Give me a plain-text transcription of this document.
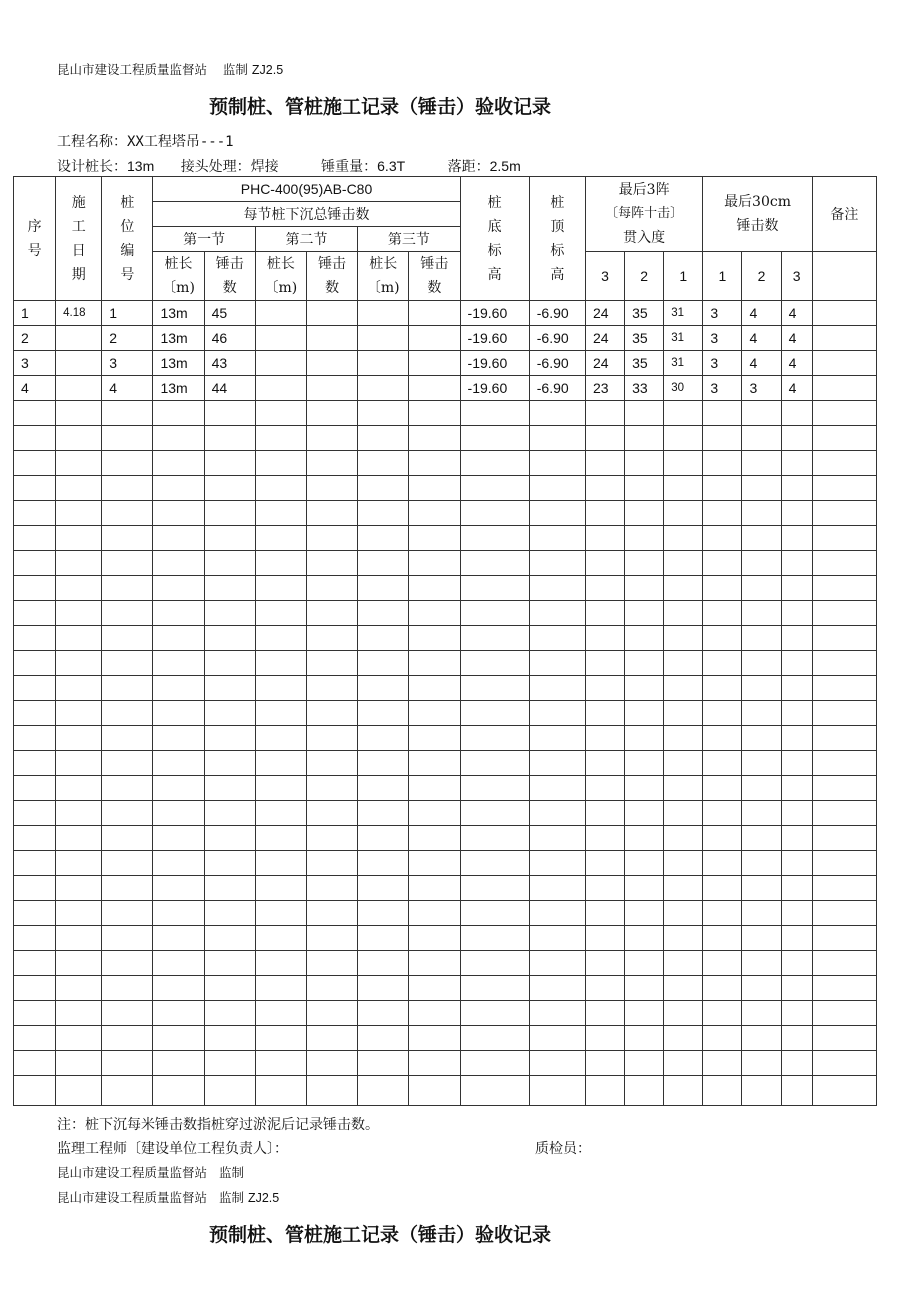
昆山市建设工程质量监督站 监制 ZJ2.5
预制桩、管桩施工记录（锤击）验收记录
工程名称：XX工程塔吊---1
设计桩长：13m 接头处理：焊接	锤重量：6.3T	落距：2.5m
序
号	施
工
日
期	桩
位
编
号	PHC-400(95)AB-C80						桩
底
标
高	桩
顶
标
高	最后3阵
〔每阵十击〕
贯入度			最后30cm
锤击数			备注
			每节桩下沉总锤击数														
			第一节		第二节		第三节										

			桩长
〔m)	锤击
数	桩长
〔m)	锤击
数	桩长
〔m)	锤击
数			3	2	1	1	2	3	

1	4.18	1	13m	45					-19.60	-6.90	24	35	31	3	4	4	
2		2	13m	46					-19.60	-6.90	24	35	31	3	4	4	
3		3	13m	43					-19.60	-6.90	24	35	31	3	4	4	
4		4	13m	44					-19.60	-6.90	23	33	30	3	3	4	

注：桩下沉每米锤击数指桩穿过淤泥后记录锤击数。
监理工程师〔建设单位工程负责人〕：	质检员：
昆山市建设工程质量监督站 监制
昆山市建设工程质量监督站 监制 ZJ2.5
预制桩、管桩施工记录（锤击）验收记录
